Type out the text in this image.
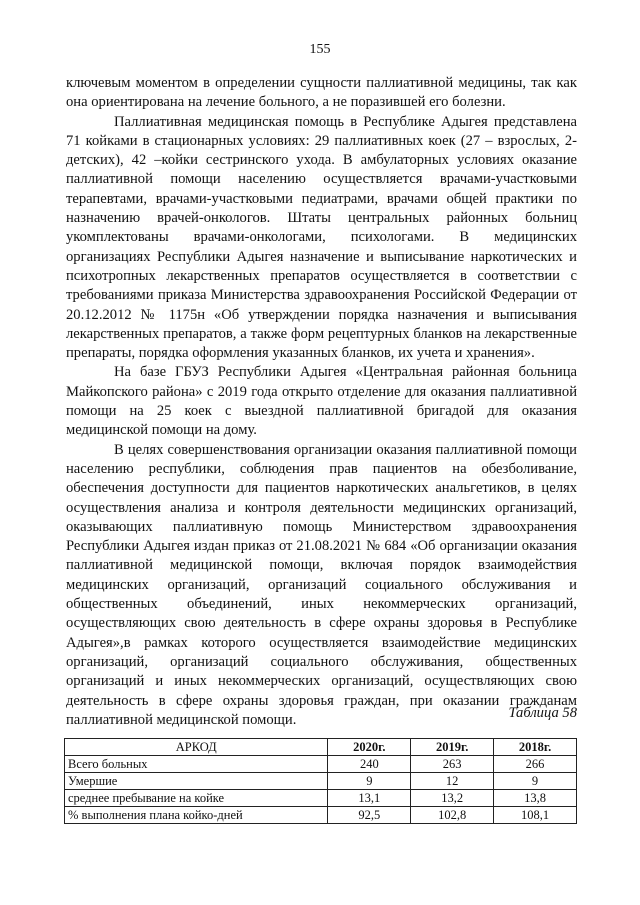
155

ключевым моментом в определении сущности паллиативной медицины, так как она ориентирована на лечение больного, а не поразившей его болезни.

Паллиативная медицинская помощь в Республике Адыгея представлена 71 койками в стационарных условиях: 29 паллиативных коек (27 – взрослых, 2-детских), 42 –койки сестринского ухода. В амбулаторных условиях оказание паллиативной помощи населению осуществляется врачами-участковыми терапевтами, врачами-участковыми педиатрами, врачами общей практики по назначению врачей-онкологов. Штаты центральных районных больниц укомплектованы врачами-онкологами, психологами. В медицинских организациях Республики Адыгея назначение и выписывание наркотических и психотропных лекарственных препаратов осуществляется в соответствии с требованиями приказа Министерства здравоохранения Российской Федерации от 20.12.2012 № 1175н «Об утверждении порядка назначения и выписывания лекарственных препаратов, а также форм рецептурных бланков на лекарственные препараты, порядка оформления указанных бланков, их учета и хранения».

На базе ГБУЗ Республики Адыгея «Центральная районная больница Майкопского района» с 2019 года открыто отделение для оказания паллиативной помощи на 25 коек с выездной паллиативной бригадой для оказания медицинской помощи на дому.

В целях совершенствования организации оказания паллиативной помощи населению республики, соблюдения прав пациентов на обезболивание, обеспечения доступности для пациентов наркотических анальгетиков, в целях осуществления анализа и контроля деятельности медицинских организаций, оказывающих паллиативную помощь Министерством здравоохранения Республики Адыгея издан приказ от 21.08.2021 № 684 «Об организации оказания паллиативной медицинской помощи, включая порядок взаимодействия медицинских организаций, организаций социального обслуживания и общественных объединений, иных некоммерческих организаций, осуществляющих свою деятельность в сфере охраны здоровья в Республике Адыгея»,в рамках которого осуществляется взаимодействие медицинских организаций, организаций социального обслуживания, общественных организаций и иных некоммерческих организаций, осуществляющих свою деятельность в сфере охраны здоровья граждан, при оказании гражданам паллиативной медицинской помощи.	Таблица 58
АРКОД	2020г.	2019г.	2018г.
Всего больных	240	263	266
Умершие	9	12	9
среднее пребывание на койке	13,1	13,2	13,8
% выполнения плана койко-дней	92,5	102,8	108,1
